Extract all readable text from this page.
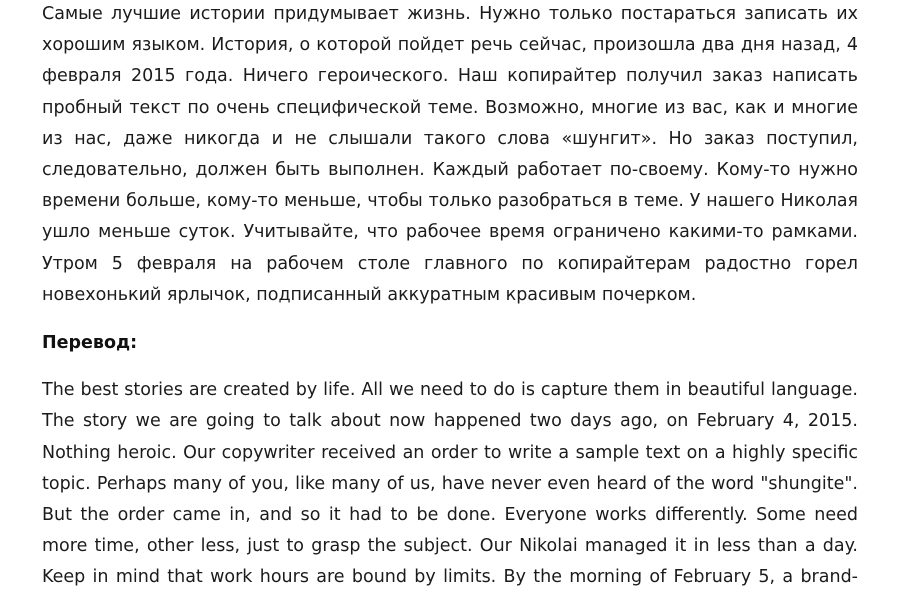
Самые лучшие истории придумывает жизнь. Нужно только постараться записать их
хорошим языком. История, о которой пойдет речь сейчас, произошла два дня назад, 4
февраля 2015 года. Ничего героического. Наш копирайтер получил заказ написать
пробный текст по очень специфической теме. Возможно, многие из вас, как и многие
из нас, даже никогда и не слышали такого слова «шунгит». Но заказ поступил,
следовательно, должен быть выполнен. Каждый работает по-своему. Кому-то нужно
времени больше, кому-то меньше, чтобы только разобраться в теме. У нашего Николая
ушло меньше суток. Учитывайте, что рабочее время ограничено какими-то рамками.
Утром 5 февраля на рабочем столе главного по копирайтерам радостно горел
новехонький ярлычок, подписанный аккуратным красивым почерком.
Перевод:
The best stories are created by life. All we need to do is capture them in beautiful language.
The story we are going to talk about now happened two days ago, on February 4, 2015.
Nothing heroic. Our copywriter received an order to write a sample text on a highly specific
topic. Perhaps many of you, like many of us, have never even heard of the word "shungite".
But the order came in, and so it had to be done. Everyone works differently. Some need
more time, other less, just to grasp the subject. Our Nikolai managed it in less than a day.
Keep in mind that work hours are bound by limits. By the morning of February 5, a brand-
